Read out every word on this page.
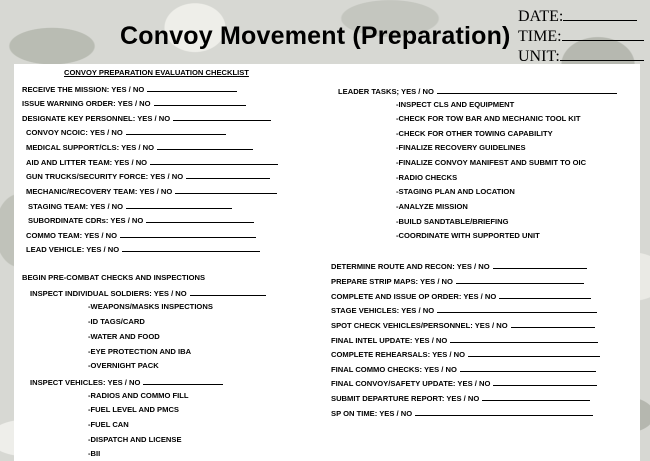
Convoy Movement (Preparation)
DATE:
TIME:
UNIT:
CONVOY PREPARATION EVALUATION CHECKLIST
RECEIVE THE MISSION: YES / NO
ISSUE WARNING ORDER: YES / NO
DESIGNATE KEY PERSONNEL: YES / NO
CONVOY NCOIC: YES / NO
MEDICAL SUPPORT/CLS: YES / NO
AID AND LITTER TEAM: YES / NO
GUN TRUCKS/SECURITY FORCE: YES / NO
MECHANIC/RECOVERY TEAM: YES / NO
STAGING TEAM: YES / NO
SUBORDINATE CDRs: YES / NO
COMMO TEAM: YES / NO
LEAD VEHICLE: YES / NO
BEGIN PRE-COMBAT CHECKS AND INSPECTIONS
INSPECT INDIVIDUAL SOLDIERS: YES / NO
-WEAPONS/MASKS INSPECTIONS
-ID TAGS/CARD
-WATER AND FOOD
-EYE PROTECTION AND IBA
-OVERNIGHT PACK
INSPECT VEHICLES: YES / NO
-RADIOS AND COMMO FILL
-FUEL LEVEL AND PMCS
-FUEL CAN
-DISPATCH AND LICENSE
-BII
LEADER TASKS; YES / NO
-INSPECT CLS AND EQUIPMENT
-CHECK FOR TOW BAR AND MECHANIC TOOL KIT
-CHECK FOR OTHER TOWING CAPABILITY
-FINALIZE RECOVERY GUIDELINES
-FINALIZE CONVOY MANIFEST AND SUBMIT TO OIC
-RADIO CHECKS
-STAGING PLAN AND LOCATION
-ANALYZE MISSION
-BUILD SANDTABLE/BRIEFING
-COORDINATE WITH SUPPORTED UNIT
DETERMINE ROUTE AND RECON: YES / NO
PREPARE STRIP MAPS: YES / NO
COMPLETE AND ISSUE OP ORDER: YES / NO
STAGE VEHICLES: YES / NO
SPOT CHECK VEHICLES/PERSONNEL: YES / NO
FINAL INTEL UPDATE: YES / NO
COMPLETE REHEARSALS: YES / NO
FINAL COMMO CHECKS: YES / NO
FINAL CONVOY/SAFETY UPDATE: YES / NO
SUBMIT DEPARTURE REPORT: YES / NO
SP ON TIME: YES / NO
